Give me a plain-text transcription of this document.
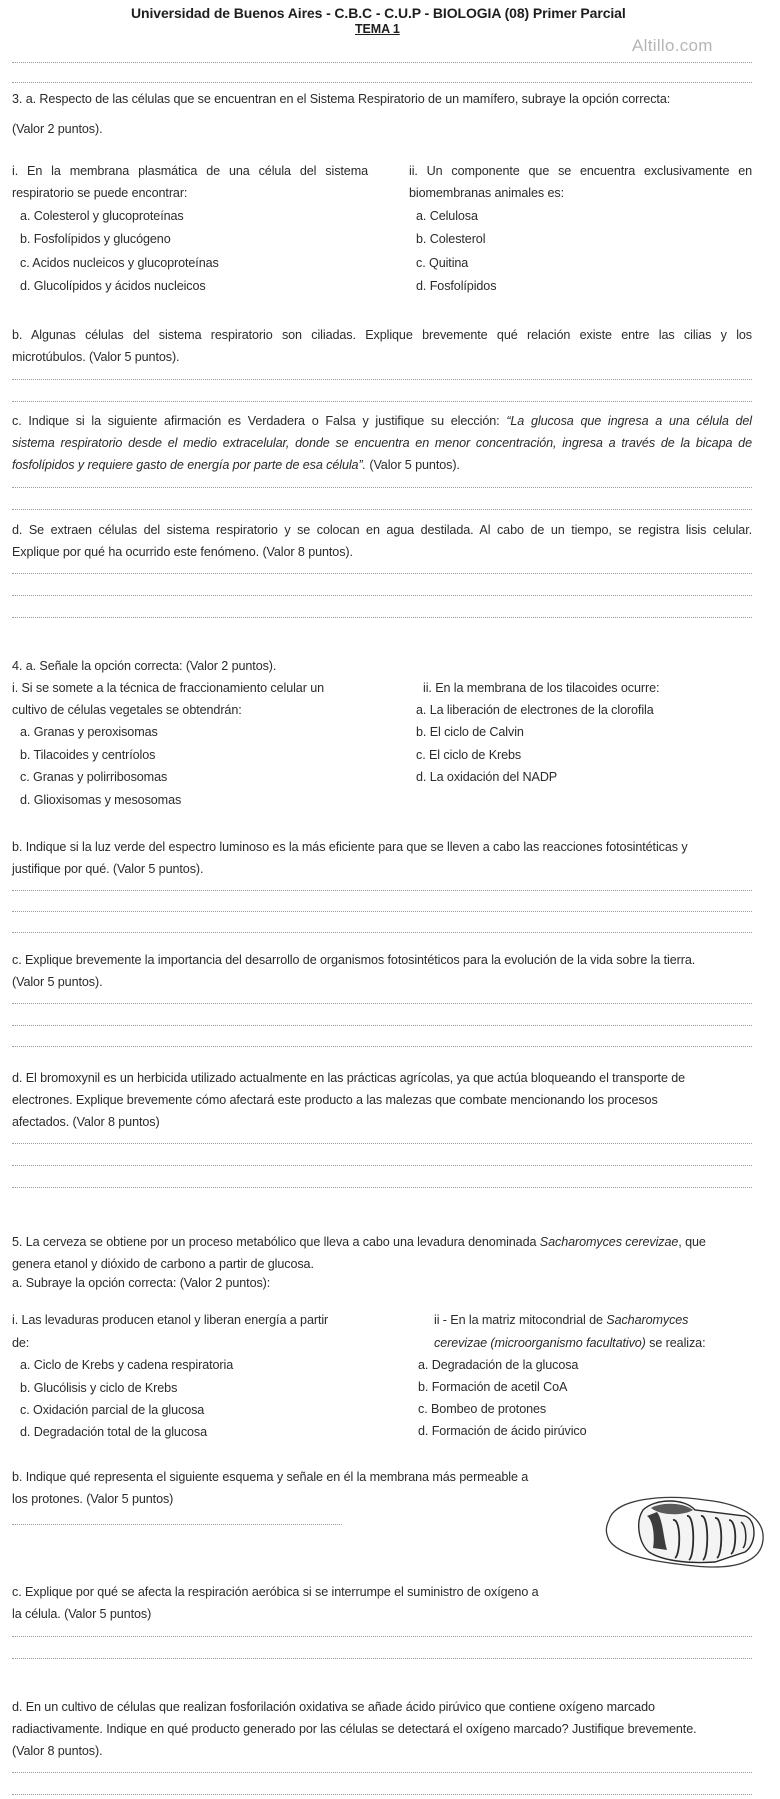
Universidad de Buenos Aires - C.B.C - C.U.P - BIOLOGIA (08) Primer Parcial
TEMA 1
Altillo.com
3. a. Respecto de las células que se encuentran en el Sistema Respiratorio de un mamífero, subraye la opción correcta:
(Valor 2 puntos).
i. En la membrana plasmática de una célula del sistema
respiratorio se puede encontrar:
a. Colesterol y glucoproteínas
b. Fosfolípidos y glucógeno
c. Acidos nucleicos y glucoproteínas
d. Glucolípidos y ácidos nucleicos
ii. Un componente que se encuentra exclusivamente en
biomembranas animales es:
a. Celulosa
b. Colesterol
c. Quitina
d. Fosfolípidos
b. Algunas células del sistema respiratorio son ciliadas. Explique brevemente qué relación existe entre las cilias y los
microtúbulos. (Valor 5 puntos).
c. Indique si la siguiente afirmación es Verdadera o Falsa y justifique su elección: “La glucosa que ingresa a una célula del
sistema respiratorio desde el medio extracelular, donde se encuentra en menor concentración, ingresa a través de la bicapa de
fosfolípidos y requiere gasto de energía por parte de esa célula”. (Valor 5 puntos).
d. Se extraen células del sistema respiratorio y se colocan en agua destilada. Al cabo de un tiempo, se registra lisis celular.
Explique por qué ha ocurrido este fenómeno. (Valor 8 puntos).
4. a. Señale la opción correcta: (Valor 2 puntos).
i. Si se somete a la técnica de fraccionamiento celular un
cultivo de células vegetales se obtendrán:
a. Granas y peroxisomas
b. Tilacoides y centríolos
c. Granas y polirribosomas
d. Glioxisomas y mesosomas
ii. En la membrana de los tilacoides ocurre:
a. La liberación de electrones de la clorofila
b. El ciclo de Calvin
c. El ciclo de Krebs
d. La oxidación del NADP
b. Indique si la luz verde del espectro luminoso es la más eficiente para que se lleven a cabo las reacciones fotosintéticas y
justifique por qué. (Valor 5 puntos).
c. Explique brevemente la importancia del desarrollo de organismos fotosintéticos para la evolución de la vida sobre la tierra.
(Valor 5 puntos).
d. El bromoxynil es un herbicida utilizado actualmente en las prácticas agrícolas, ya que actúa bloqueando el transporte de
electrones. Explique brevemente cómo afectará este producto a las malezas que combate mencionando los procesos
afectados. (Valor 8 puntos)
5. La cerveza se obtiene por un proceso metabólico que lleva a cabo una levadura denominada Sacharomyces cerevizae, que
genera etanol y dióxido de carbono a partir de glucosa.
a. Subraye la opción correcta: (Valor 2 puntos):
i. Las levaduras producen etanol y liberan energía a partir
de:
a. Ciclo de Krebs y cadena respiratoria
b. Glucólisis y ciclo de Krebs
c. Oxidación parcial de la glucosa
d. Degradación total de la glucosa
ii - En la matriz mitocondrial de Sacharomyces
cerevizae (microorganismo facultativo) se realiza:
a. Degradación de la glucosa
b. Formación de acetil CoA
c. Bombeo de protones
d. Formación de ácido pirúvico
b. Indique qué representa el siguiente esquema y señale en él la membrana más permeable a
los protones. (Valor 5 puntos)
c. Explique por qué se afecta la respiración aeróbica si se interrumpe el suministro de oxígeno a
la célula. (Valor 5 puntos)
d. En un cultivo de células que realizan fosforilación oxidativa se añade ácido pirúvico que contiene oxígeno marcado
radiactivamente. Indique en qué producto generado por las células se detectará el oxígeno marcado? Justifique brevemente.
(Valor 8 puntos).
